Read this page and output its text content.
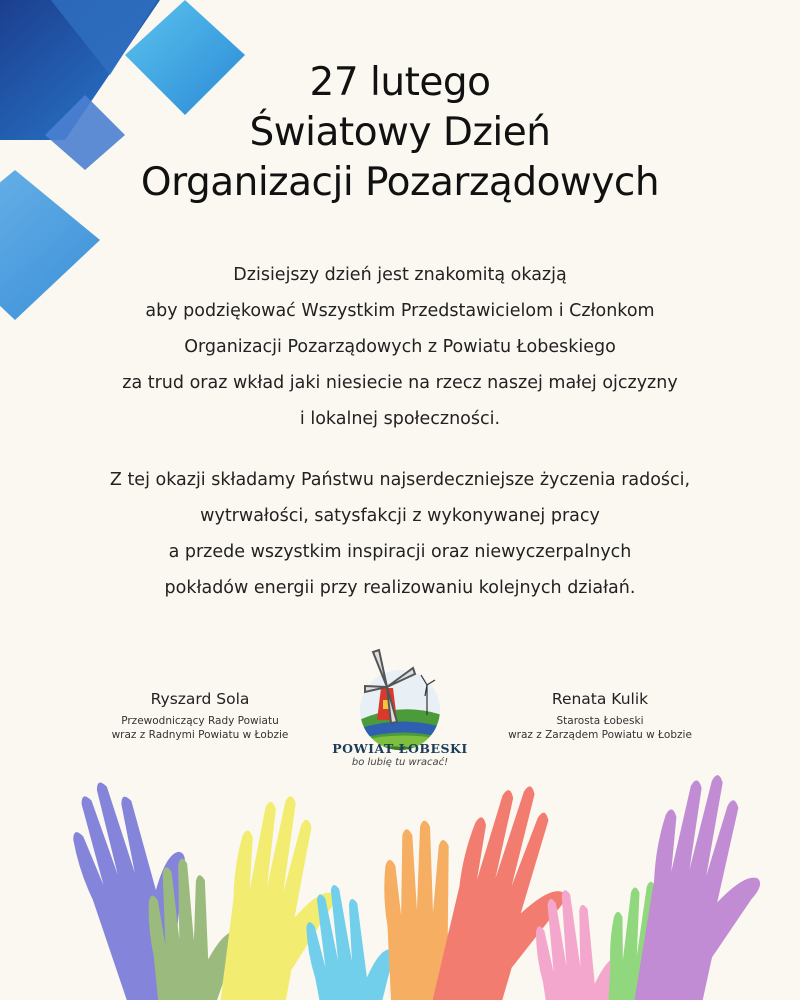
27 lutego
Światowy Dzień
Organizacji Pozarządowych
Dzisiejszy dzień jest znakomitą okazją
aby podziękować Wszystkim Przedstawicielom i Członkom
Organizacji Pozarządowych z Powiatu Łobeskiego
za trud oraz wkład jaki niesiecie na rzecz naszej małej ojczyzny
i lokalnej społeczności.
Z tej okazji składamy Państwu najserdeczniejsze życzenia radości,
wytrwałości, satysfakcji z wykonywanej pracy
a przede wszystkim inspiracji oraz niewyczerpalnych
pokładów energii przy realizowaniu kolejnych działań.
Ryszard Sola
Przewodniczący Rady Powiatu
wraz z Radnymi Powiatu w Łobzie
POWIAT ŁOBESKI
bo lubię tu wracać!
Renata Kulik
Starosta Łobeski
wraz z Zarządem Powiatu w Łobzie
